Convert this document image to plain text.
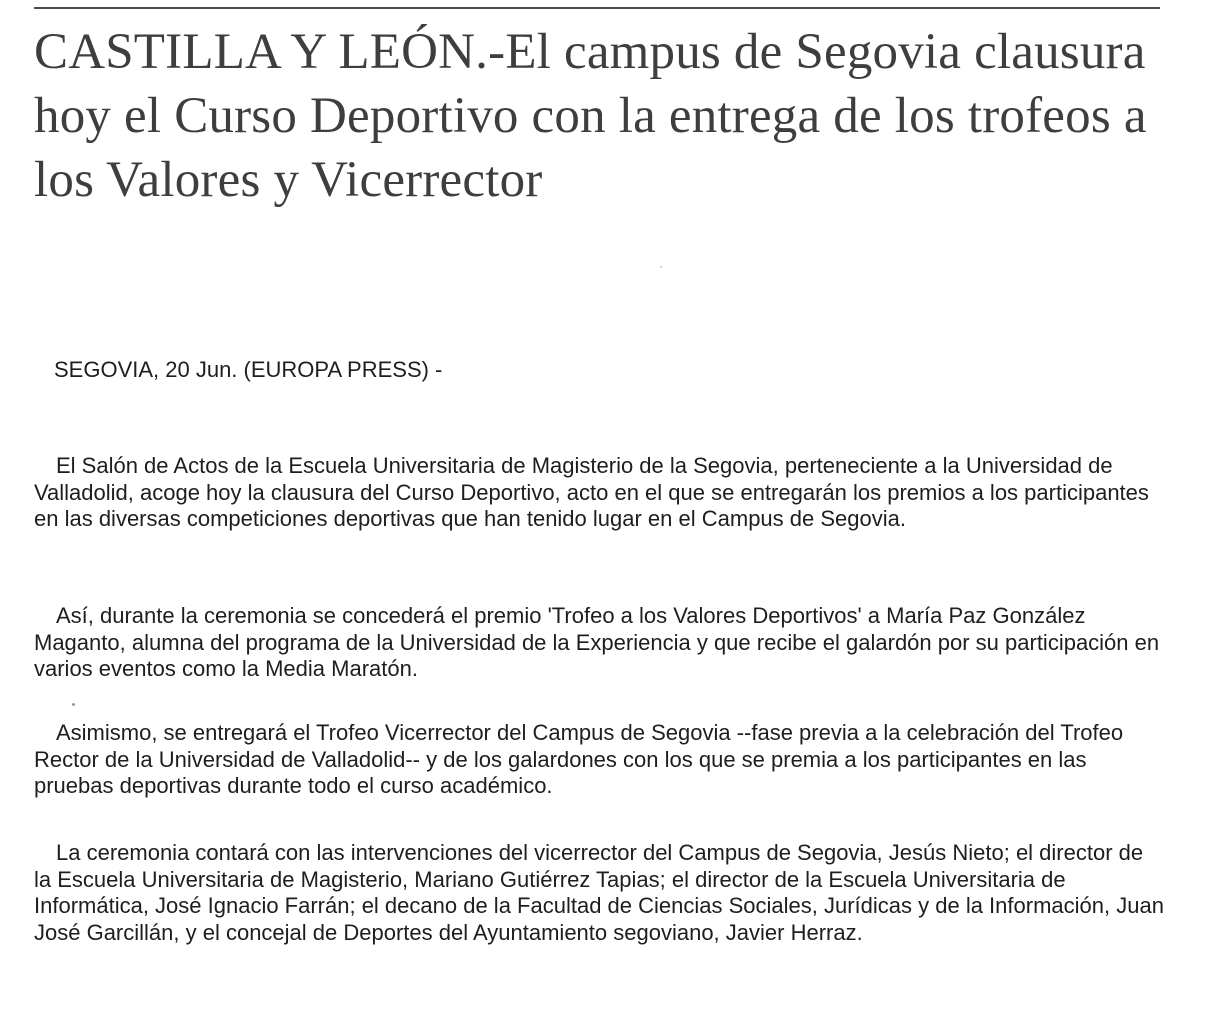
CASTILLA Y LEÓN.-El campus de Segovia clausura hoy el Curso Deportivo con la entrega de los trofeos a los Valores y Vicerrector

SEGOVIA, 20 Jun. (EUROPA PRESS) -

El Salón de Actos de la Escuela Universitaria de Magisterio de la Segovia, perteneciente a la Universidad de Valladolid, acoge hoy la clausura del Curso Deportivo, acto en el que se entregarán los premios a los participantes en las diversas competiciones deportivas que han tenido lugar en el Campus de Segovia.

Así, durante la ceremonia se concederá el premio 'Trofeo a los Valores Deportivos' a María Paz González Maganto, alumna del programa de la Universidad de la Experiencia y que recibe el galardón por su participación en varios eventos como la Media Maratón.

Asimismo, se entregará el Trofeo Vicerrector del Campus de Segovia --fase previa a la celebración del Trofeo Rector de la Universidad de Valladolid-- y de los galardones con los que se premia a los participantes en las pruebas deportivas durante todo el curso académico.

La ceremonia contará con las intervenciones del vicerrector del Campus de Segovia, Jesús Nieto; el director de la Escuela Universitaria de Magisterio, Mariano Gutiérrez Tapias; el director de la Escuela Universitaria de Informática, José Ignacio Farrán; el decano de la Facultad de Ciencias Sociales, Jurídicas y de la Información, Juan José Garcillán, y el concejal de Deportes del Ayuntamiento segoviano, Javier Herraz.
